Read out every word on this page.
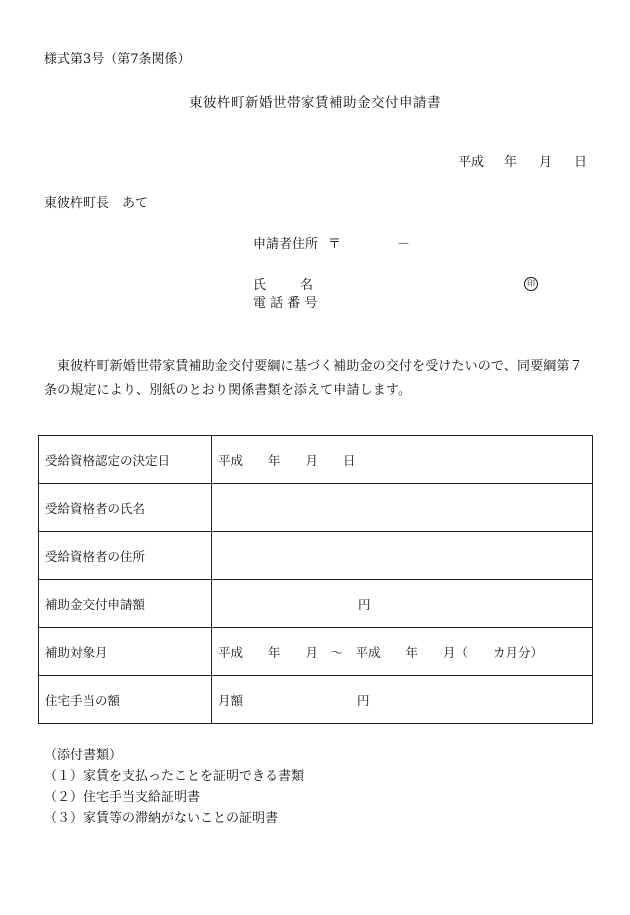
様式第3号（第7条関係）
東彼杵町新婚世帯家賃補助金交付申請書
平成 年 月 日
東彼杵町長　あて
申請者住所 〒	－
氏	名	印
電 話 番 号
東彼杵町新婚世帯家賃補助金交付要綱に基づく補助金の交付を受けたいので、同要綱第７条の規定により、別紙のとおり関係書類を添えて申請します。
受給資格認定の決定日	平成　　年　　月　　日
受給資格者の氏名	
受給資格者の住所	
補助金交付申請額	円
補助対象月	平成　　年　　月　〜　平成　　年　　月（　　カ月分）
住宅手当の額	月額 円
（添付書類）
（１）家賃を支払ったことを証明できる書類
（２）住宅手当支給証明書
（３）家賃等の滞納がないことの証明書
